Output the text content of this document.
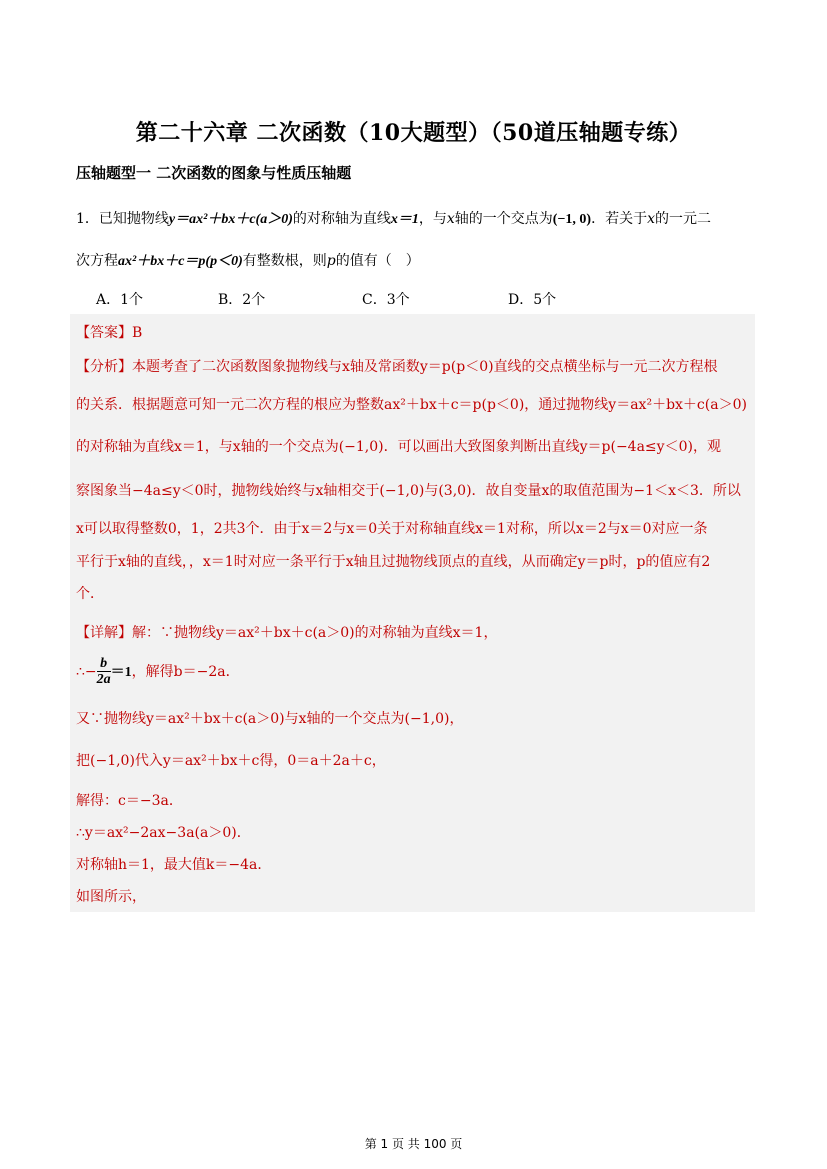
第二十六章 二次函数（10大题型）（50道压轴题专练）
压轴题型一 二次函数的图象与性质压轴题
1．已知抛物线y＝ax²＋bx＋c(a＞0)的对称轴为直线x＝1，与x轴的一个交点为(−1, 0)．若关于x的一元二
次方程ax²＋bx＋c＝p(p＜0)有整数根，则p的值有（　）
A．1个	B．2个	C．3个	D．5个
【答案】B
【分析】本题考查了二次函数图象抛物线与x轴及常函数y＝p(p＜0)直线的交点横坐标与一元二次方程根
的关系．根据题意可知一元二次方程的根应为整数ax²＋bx＋c＝p(p＜0)，通过抛物线y＝ax²＋bx＋c(a＞0)
的对称轴为直线x＝1，与x轴的一个交点为(−1,0)．可以画出大致图象判断出直线y＝p(−4a≤y＜0)，观
察图象当−4a≤y＜0时，抛物线始终与x轴相交于(−1,0)与(3,0)．故自变量x的取值范围为−1＜x＜3．所以
x可以取得整数0，1，2共3个．由于x＝2与x＝0关于对称轴直线x＝1对称，所以x＝2与x＝0对应一条
平行于x轴的直线，，x＝1时对应一条平行于x轴且过抛物线顶点的直线，从而确定y＝p时，p的值应有2
个．
【详解】解：∵抛物线y＝ax²＋bx＋c(a＞0)的对称轴为直线x＝1，
∴− $\frac{b}{2a} =1$，解得b＝−2a．
又∵抛物线y＝ax²＋bx＋c(a＞0)与x轴的一个交点为(−1,0)，
把(−1,0)代入y＝ax²＋bx＋c得，0＝a＋2a＋c，
解得：c＝−3a．
∴y＝ax²−2ax−3a(a＞0)．
对称轴h＝1，最大值k＝−4a．
如图所示，
第 1 页 共 100 页
